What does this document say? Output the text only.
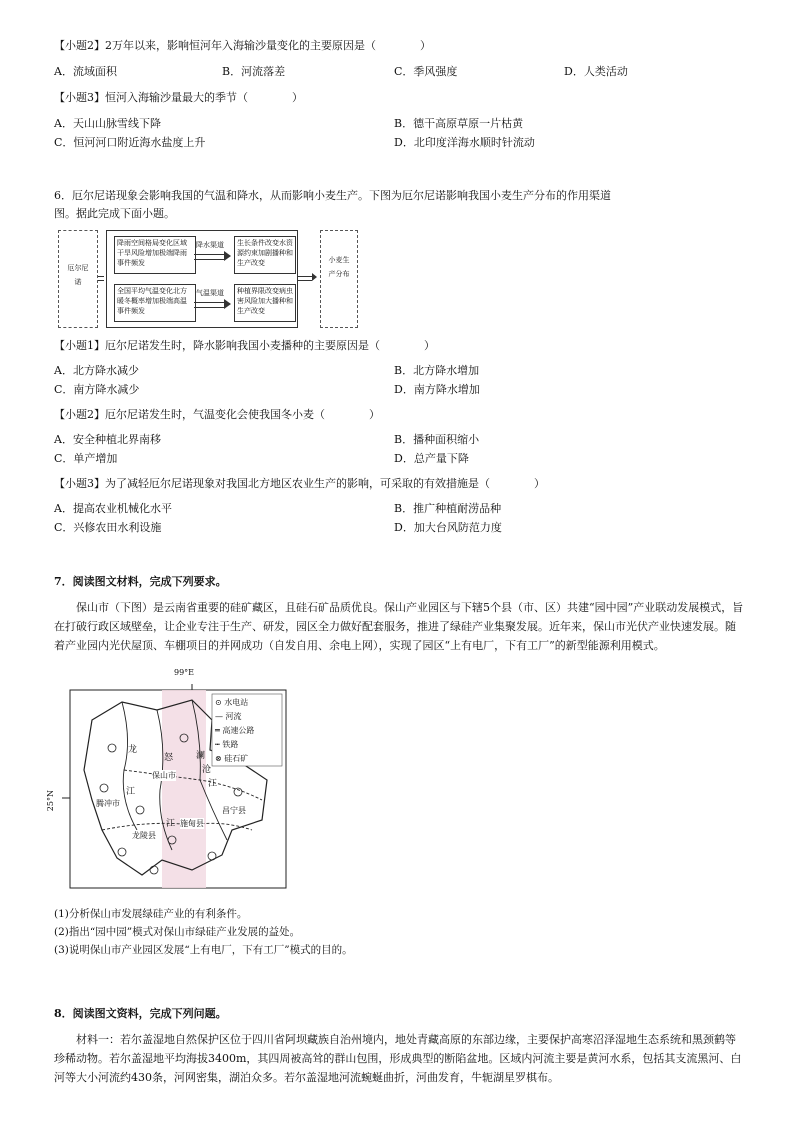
【小题2】2万年以来，影响恒河年入海输沙量变化的主要原因是（　　　　）
A．流域面积	B．河流落差	C．季风强度	D．人类活动
【小题3】恒河入海输沙量最大的季节（　　　　）
A．天山山脉雪线下降	B．德干高原草原一片枯黄
C．恒河河口附近海水盐度上升	D．北印度洋海水顺时针流动
6．厄尔尼诺现象会影响我国的气温和降水，从而影响小麦生产。下图为厄尔尼诺影响我国小麦生产分布的作用渠道
图。据此完成下面小题。
厄尔尼诺
降雨空间格局变化区域干旱风险增加极端降雨事件频发
降水渠道	生长条件改变水资源约束加剧播种和生产改变
全国平均气温变化北方暖冬概率增加极端高温事件频发
气温渠道	种植界限改变病虫害风险加大播种和生产改变
小麦生产分布
【小题1】厄尔尼诺发生时，降水影响我国小麦播种的主要原因是（　　　　）
A．北方降水减少	B．北方降水增加
C．南方降水减少	D．南方降水增加
【小题2】厄尔尼诺发生时，气温变化会使我国冬小麦（　　　　）
A．安全种植北界南移	B．播种面积缩小
C．单产增加	D．总产量下降
【小题3】为了减轻厄尔尼诺现象对我国北方地区农业生产的影响，可采取的有效措施是（　　　　）
A．提高农业机械化水平	B．推广种植耐涝品种
C．兴修农田水利设施	D．加大台风防范力度
7．阅读图文材料，完成下列要求。
保山市（下图）是云南省重要的硅矿藏区，且硅石矿品质优良。保山产业园区与下辖5个县（市、区）共建“园中园”产业联动发展模式，旨在打破行政区域壁垒，让企业专注于生产、研发，园区全力做好配套服务，推进了绿硅产业集聚发展。近年来，保山市光伏产业快速发展。随着产业园内光伏屋顶、车棚项目的并网成功（自发自用、余电上网），实现了园区“上有电厂，下有工厂”的新型能源利用模式。
99°E
25°N
⊙ 水电站
— 河流
═ 高速公路
┅ 铁路
⊗ 硅石矿
腾冲市
保山市
昌宁县
施甸县
龙陵县
龙
江
怒
江
澜
沧
江
(1)分析保山市发展绿硅产业的有利条件。
(2)指出“园中园”模式对保山市绿硅产业发展的益处。
(3)说明保山市产业园区发展“上有电厂，下有工厂”模式的目的。
8．阅读图文资料，完成下列问题。
材料一：若尔盖湿地自然保护区位于四川省阿坝藏族自治州境内，地处青藏高原的东部边缘，主要保护高寒沼泽湿地生态系统和黑颈鹤等珍稀动物。若尔盖湿地平均海拔3400m，其四周被高耸的群山包围，形成典型的断陷盆地。区域内河流主要是黄河水系，包括其支流黑河、白河等大小河流约430条，河网密集，湖泊众多。若尔盖湿地河流蜿蜒曲折，河曲发育，牛轭湖星罗棋布。
